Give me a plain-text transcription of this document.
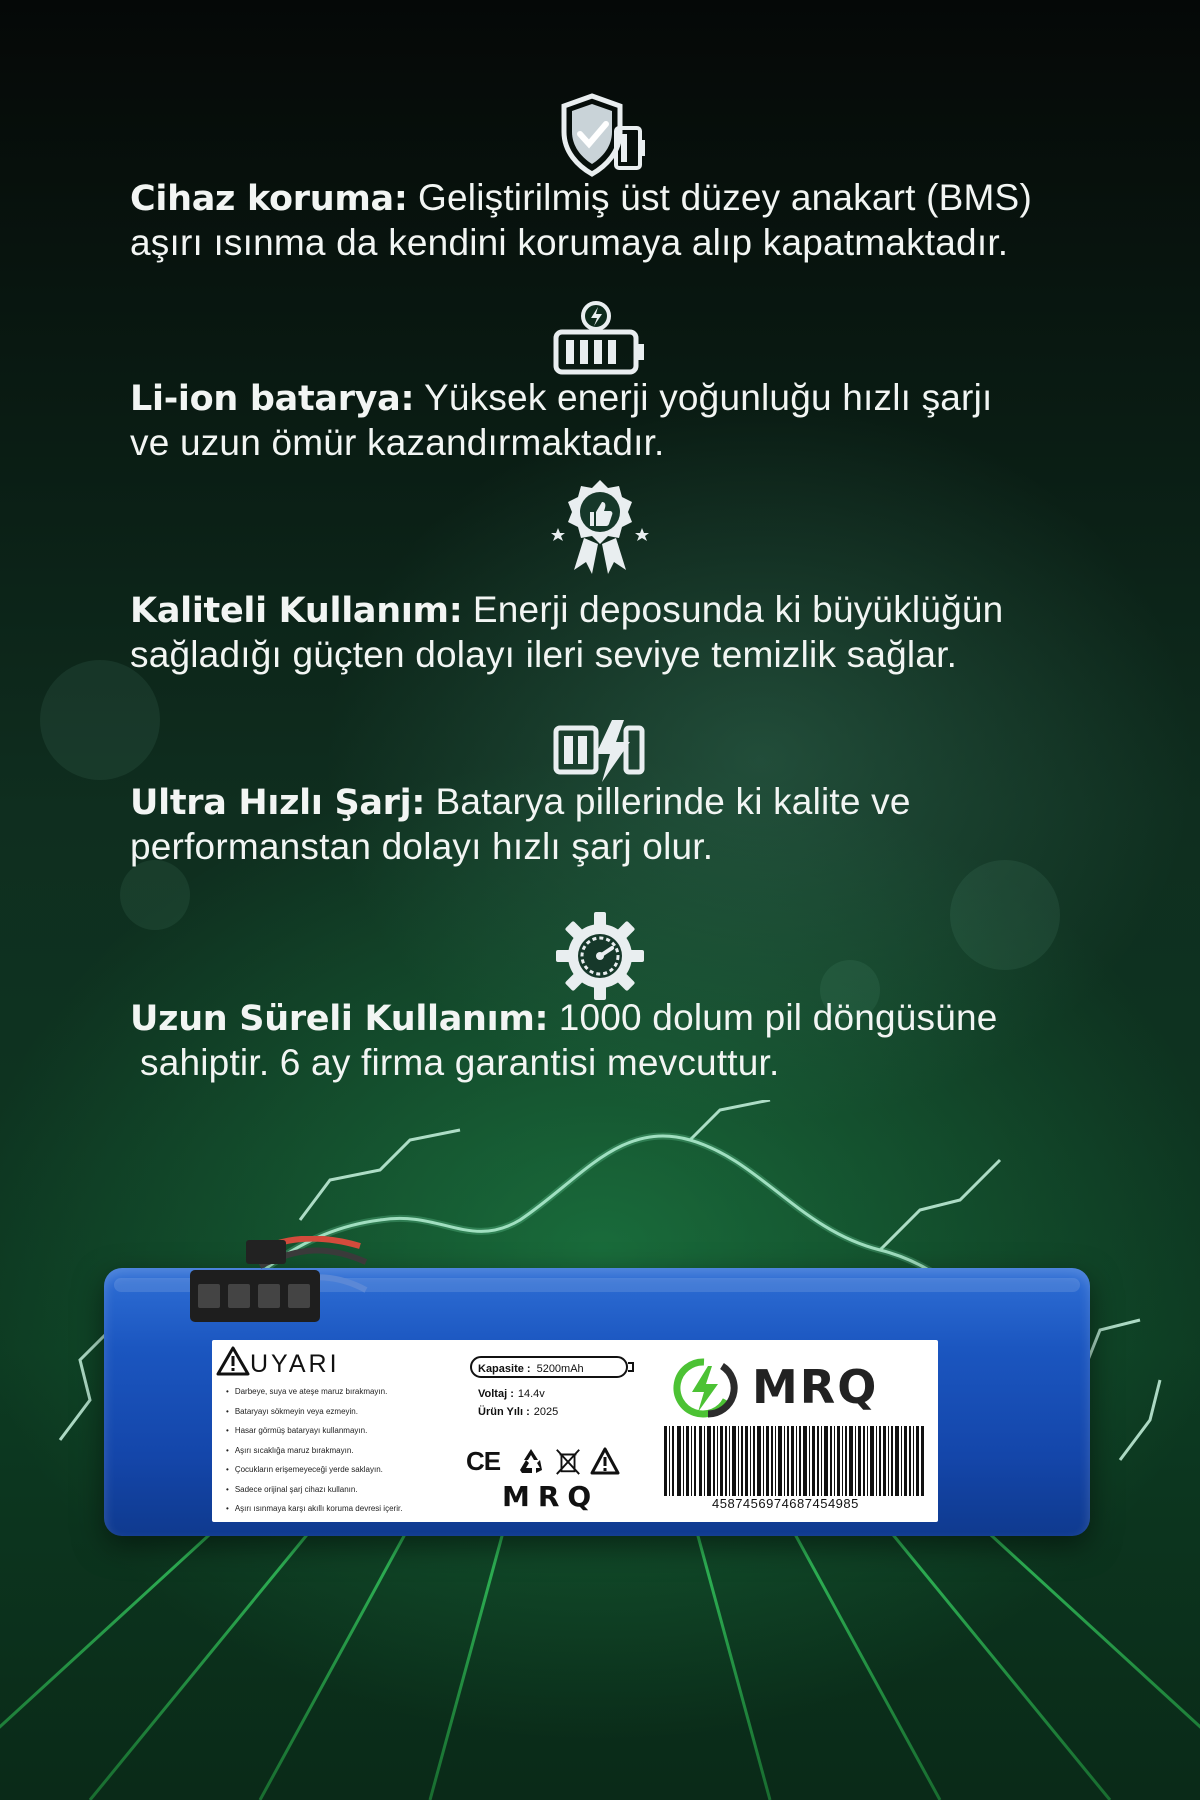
Cihaz koruma: Geliştirilmiş üst düzey anakart (BMS)
aşırı ısınma da kendini korumaya alıp kapatmaktadır.
Li-ion batarya: Yüksek enerji yoğunluğu hızlı şarjı
ve uzun ömür kazandırmaktadır.
Kaliteli Kullanım: Enerji deposunda ki büyüklüğün
sağladığı güçten dolayı ileri seviye temizlik sağlar.
Ultra Hızlı Şarj: Batarya pillerinde ki kalite ve
performanstan dolayı hızlı şarj olur.
Uzun Süreli Kullanım: 1000 dolum pil döngüsüne
sahiptir. 6 ay firma garantisi mevcuttur.
UYARI
• Darbeye, suya ve ateşe maruz bırakmayın.
• Bataryayı sökmeyin veya ezmeyin.
• Hasar görmüş bataryayı kullanmayın.
• Aşırı sıcaklığa maruz bırakmayın.
• Çocukların erişemeyeceği yerde saklayın.
• Sadece orijinal şarj cihazı kullanın.
• Aşırı ısınmaya karşı akıllı koruma devresi içerir.
Kapasite : 5200mAh
Voltaj : 14.4v
Ürün Yılı : 2025
CE
MRQ
MRQ
4587456974687454985
